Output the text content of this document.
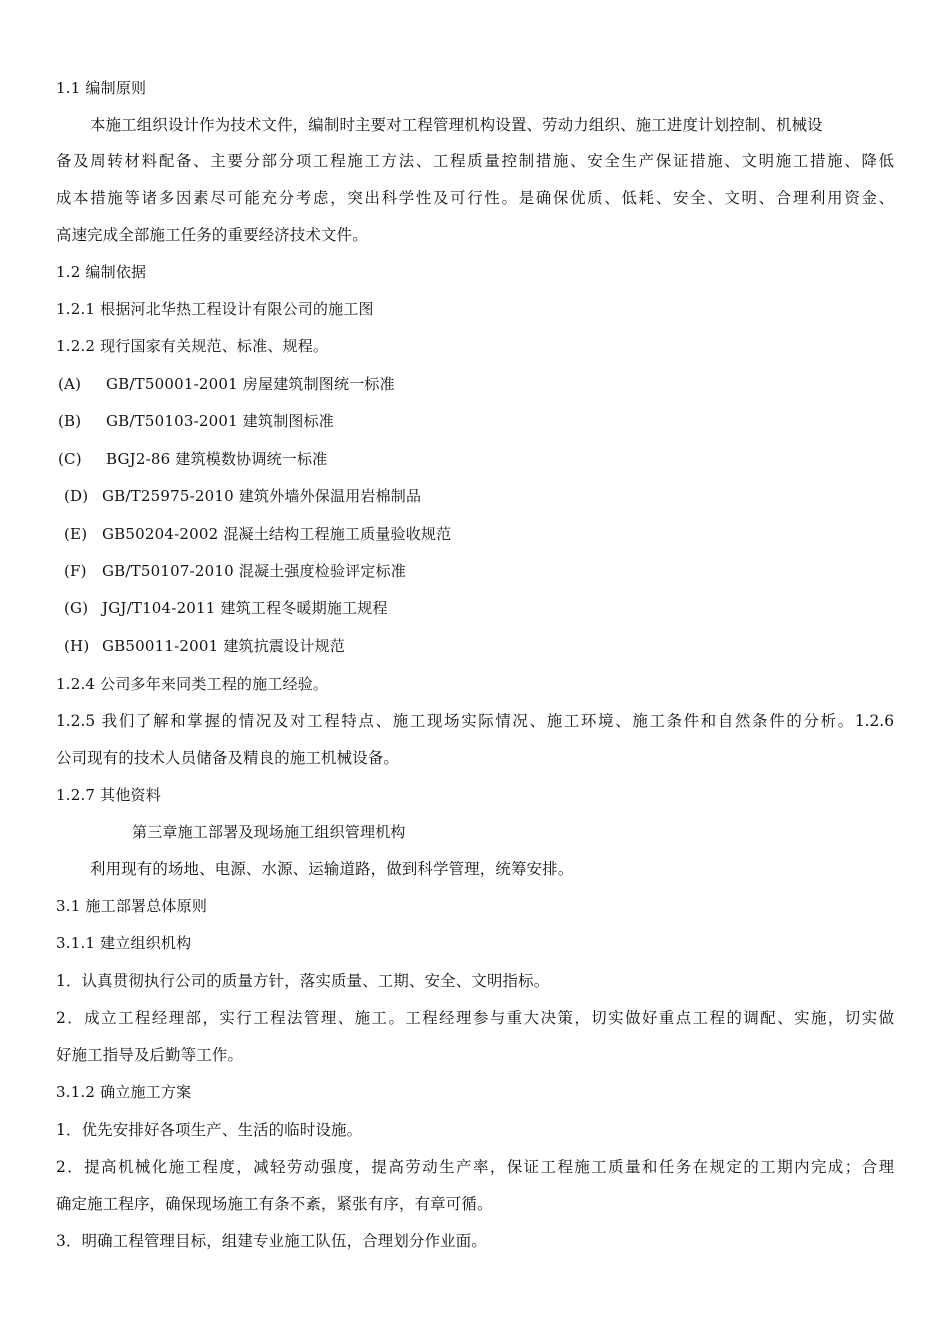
1.1 编制原则
本施工组织设计作为技术文件，编制时主要对工程管理机构设置、劳动力组织、施工进度计划控制、机械设
备及周转材料配备、主要分部分项工程施工方法、工程质量控制措施、安全生产保证措施、文明施工措施、降低
成本措施等诸多因素尽可能充分考虑，突出科学性及可行性。是确保优质、低耗、安全、文明、合理利用资金、
高速完成全部施工任务的重要经济技术文件。
1.2 编制依据
1.2.1 根据河北华热工程设计有限公司的施工图
1.2.2 现行国家有关规范、标准、规程。
(A) GB/T50001-2001 房屋建筑制图统一标准
(B) GB/T50103-2001 建筑制图标准
(C) BGJ2-86 建筑模数协调统一标准
(D) GB/T25975-2010 建筑外墙外保温用岩棉制品
(E) GB50204-2002 混凝土结构工程施工质量验收规范
(F) GB/T50107-2010 混凝土强度检验评定标准
(G) JGJ/T104-2011 建筑工程冬暖期施工规程
(H) GB50011-2001 建筑抗震设计规范
1.2.4 公司多年来同类工程的施工经验。
1.2.5 我们了解和掌握的情况及对工程特点、施工现场实际情况、施工环境、施工条件和自然条件的分析。1.2.6
公司现有的技术人员储备及精良的施工机械设备。
1.2.7 其他资料
第三章施工部署及现场施工组织管理机构
利用现有的场地、电源、水源、运输道路，做到科学管理，统筹安排。
3.1 施工部署总体原则
3.1.1 建立组织机构
1．认真贯彻执行公司的质量方针，落实质量、工期、安全、文明指标。
2．成立工程经理部，实行工程法管理、施工。工程经理参与重大决策，切实做好重点工程的调配、实施，切实做
好施工指导及后勤等工作。
3.1.2 确立施工方案
1．优先安排好各项生产、生活的临时设施。
2．提高机械化施工程度，减轻劳动强度，提高劳动生产率，保证工程施工质量和任务在规定的工期内完成；合理
确定施工程序，确保现场施工有条不紊，紧张有序，有章可循。
3．明确工程管理目标，组建专业施工队伍，合理划分作业面。
